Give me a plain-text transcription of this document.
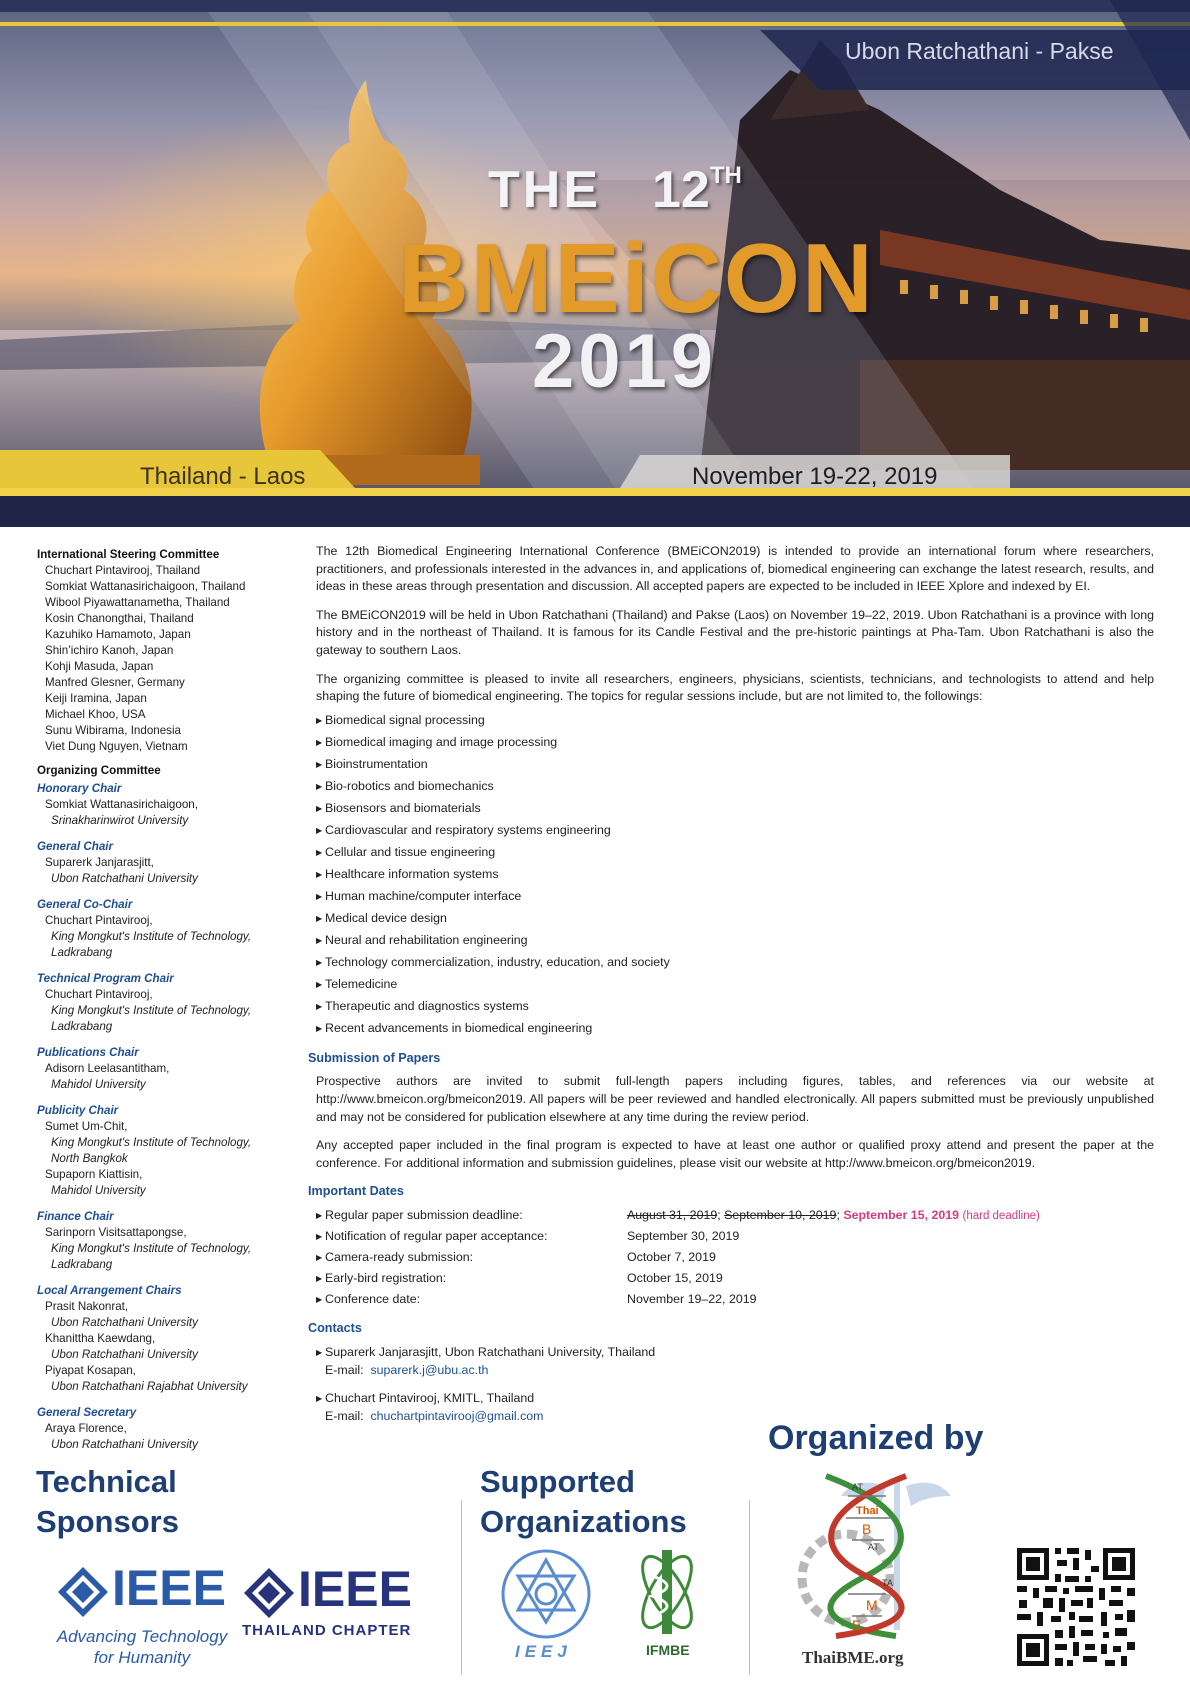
Ubon Ratchathani - Pakse
THE 12TH
BMEiCON
2019
Thailand - Laos	November 19-22, 2019
International Steering Committee
Chuchart Pintavirooj, Thailand
Somkiat Wattanasirichaigoon, Thailand
Wibool Piyawattanametha, Thailand
Kosin Chanongthai, Thailand
Kazuhiko Hamamoto, Japan
Shin’ichiro Kanoh, Japan
Kohji Masuda, Japan
Manfred Glesner, Germany
Keiji Iramina, Japan
Michael Khoo, USA
Sunu Wibirama, Indonesia
Viet Dung Nguyen, Vietnam
Organizing Committee
Honorary Chair
Somkiat Wattanasirichaigoon,
Srinakharinwirot University
General Chair
Suparerk Janjarasjitt,
Ubon Ratchathani University
General Co-Chair
Chuchart Pintavirooj,
King Mongkut's Institute of Technology,
Ladkrabang
Technical Program Chair
Chuchart Pintavirooj,
King Mongkut's Institute of Technology,
Ladkrabang
Publications Chair
Adisorn Leelasantitham,
Mahidol University
Publicity Chair
Sumet Um-Chit,
King Mongkut's Institute of Technology,
North Bangkok
Supaporn Kiattisin,
Mahidol University
Finance Chair
Sarinporn Visitsattapongse,
King Mongkut's Institute of Technology,
Ladkrabang
Local Arrangement Chairs
Prasit Nakonrat,
Ubon Ratchathani University
Khanittha Kaewdang,
Ubon Ratchathani University
Piyapat Kosapan,
Ubon Ratchathani Rajabhat University
General Secretary
Araya Florence,
Ubon Ratchathani University

The 12th Biomedical Engineering International Conference (BMEiCON2019) is intended to provide an international forum where researchers, practitioners, and professionals interested in the advances in, and applications of, biomedical engineering can exchange the latest research, results, and ideas in these areas through presentation and discussion. All accepted papers are expected to be included in IEEE Xplore and indexed by EI.

The BMEiCON2019 will be held in Ubon Ratchathani (Thailand) and Pakse (Laos) on November 19–22, 2019. Ubon Ratchathani is a province with long history and in the northeast of Thailand. It is famous for its Candle Festival and the pre-historic paintings at Pha-Tam. Ubon Ratchathani is also the gateway to southern Laos.

The organizing committee is pleased to invite all researchers, engineers, physicians, scientists, technicians, and technologists to attend and help shaping the future of biomedical engineering. The topics for regular sessions include, but are not limited to, the followings:

▶ Biomedical signal processing
▶ Biomedical imaging and image processing
▶ Bioinstrumentation
▶ Bio-robotics and biomechanics
▶ Biosensors and biomaterials
▶ Cardiovascular and respiratory systems engineering
▶ Cellular and tissue engineering
▶ Healthcare information systems
▶ Human machine/computer interface
▶ Medical device design
▶ Neural and rehabilitation engineering
▶ Technology commercialization, industry, education, and society
▶ Telemedicine
▶ Therapeutic and diagnostics systems
▶ Recent advancements in biomedical engineering
Submission of Papers

Prospective authors are invited to submit full-length papers including figures, tables, and references via our website at http://www.bmeicon.org/bmeicon2019. All papers will be peer reviewed and handled electronically. All papers submitted must be previously unpublished and may not be considered for publication elsewhere at any time during the review period.

Any accepted paper included in the final program is expected to have at least one author or qualified proxy attend and present the paper at the conference. For additional information and submission guidelines, please visit our website at http://www.bmeicon.org/bmeicon2019.

Important Dates
▶ Regular paper submission deadline:	August 31, 2019; September 10, 2019; September 15, 2019 (hard deadline)
▶ Notification of regular paper acceptance:	September 30, 2019
▶ Camera-ready submission:	October 7, 2019
▶ Early-bird registration:	October 15, 2019
▶ Conference date:	November 19–22, 2019
Contacts
▶ Suparerk Janjarasjitt, Ubon Ratchathani University, Thailand
E-mail: suparerk.j@ubu.ac.th
▶ Chuchart Pintavirooj, KMITL, Thailand
E-mail: chuchartpintavirooj@gmail.com
Technical
Sponsors
IEEE
Advancing Technology
for Humanity
IEEE
THAILAND CHAPTER
Supported
Organizations
IEEJ	IFMBE
Organized by
AT
Thai
B
AT
TA
M
E
ThaiBME.org
